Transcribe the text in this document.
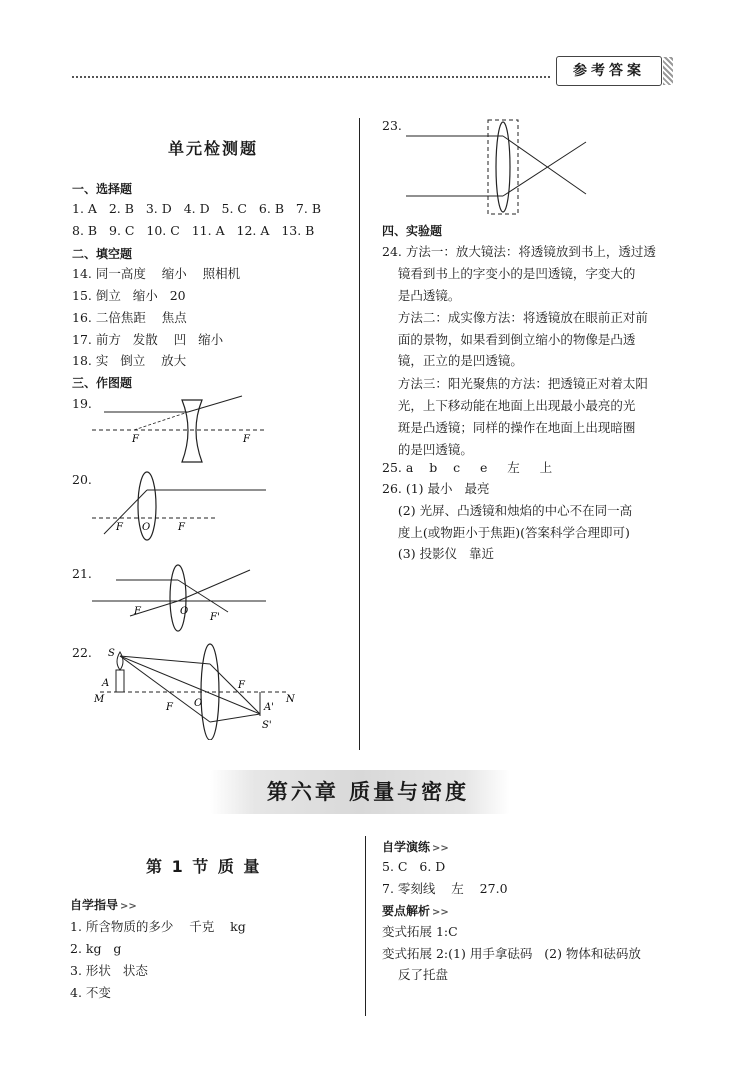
参考答案
单元检测题
一、选择题
1. A   2. B   3. D   4. D   5. C   6. B   7. B
8. B   9. C   10. C   11. A   12. A   13. B
二、填空题
14. 同一高度    缩小    照相机
15. 倒立   缩小   20
16. 二倍焦距    焦点
17. 前方   发散    凹   缩小
18. 实   倒立    放大
三、作图题
19.
20.
21.
22.
F	F
F O	F
F	O
F'
S
A
M
F O
F
N
A'
S'
23.
四、实验题
24. 方法一：放大镜法：将透镜放到书上，透过透
镜看到书上的字变小的是凹透镜，字变大的
是凸透镜。
方法二：成实像方法：将透镜放在眼前正对前
面的景物，如果看到倒立缩小的物像是凸透
镜，正立的是凹透镜。
方法三：阳光聚焦的方法：把透镜正对着太阳
光，上下移动能在地面上出现最小最亮的光
斑是凸透镜；同样的操作在地面上出现暗圈
的是凹透镜。
25. a    b    c     e     左     上
26. (1) 最小   最亮
(2) 光屏、凸透镜和烛焰的中心不在同一高
度上(或物距小于焦距)(答案科学合理即可)
(3) 投影仪   靠近
第六章 质量与密度
第 1 节 质 量
自学指导 >>
1. 所含物质的多少    千克    kg
2. kg   g
3. 形状   状态
4. 不变
自学演练 >>
5. C   6. D
7. 零刻线    左    27.0
要点解析 >>
变式拓展 1:C
变式拓展 2:(1) 用手拿砝码   (2) 物体和砝码放
反了托盘
